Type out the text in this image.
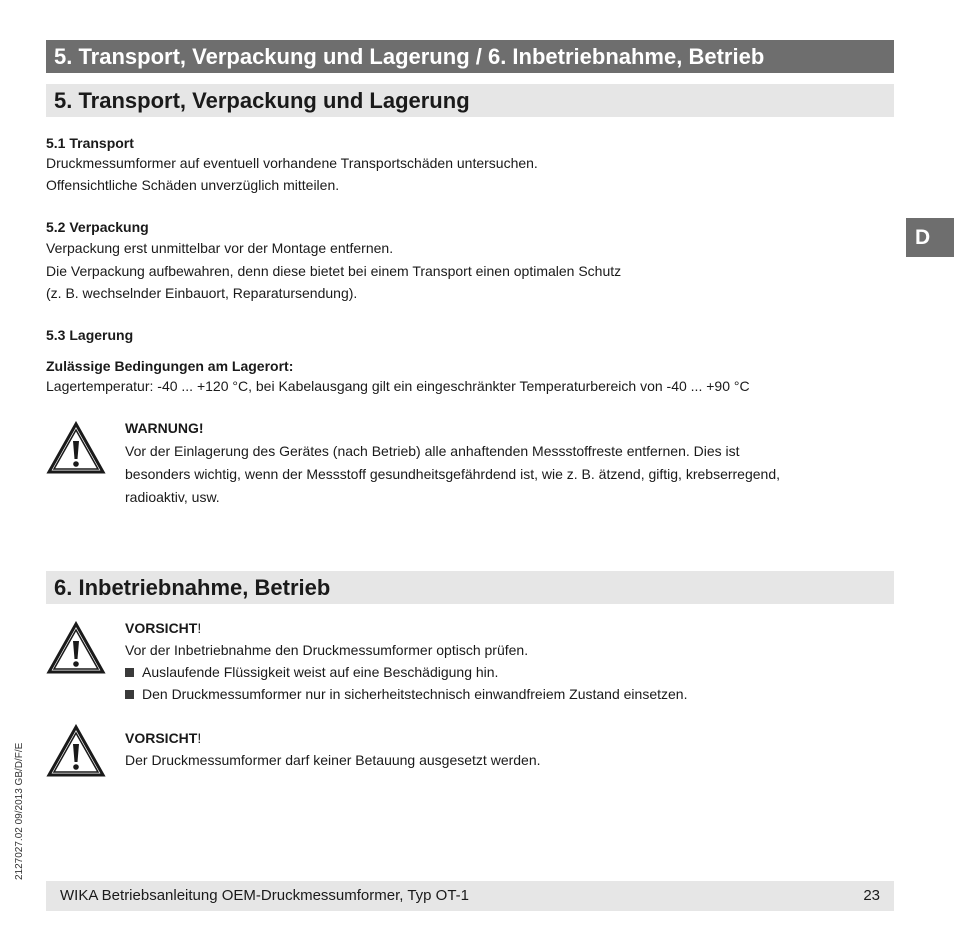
5. Transport, Verpackung und Lagerung / 6. Inbetriebnahme, Betrieb
D
5. Transport, Verpackung und Lagerung
5.1 Transport
Druckmessumformer auf eventuell vorhandene Transportschäden untersuchen.
Offensichtliche Schäden unverzüglich mitteilen.
5.2 Verpackung
Verpackung erst unmittelbar vor der Montage entfernen.
Die Verpackung aufbewahren, denn diese bietet bei einem Transport einen optimalen Schutz
(z. B. wechselnder Einbauort, Reparatursendung).
5.3 Lagerung
Zulässige Bedingungen am Lagerort:
Lagertemperatur: -40 ... +120 °C, bei Kabelausgang gilt ein eingeschränkter Temperaturbereich von -40 ... +90 °C
WARNUNG!
Vor der Einlagerung des Gerätes (nach Betrieb) alle anhaftenden Messstoffreste entfernen. Dies ist
besonders wichtig, wenn der Messstoff gesundheitsgefährdend ist, wie z. B. ätzend, giftig, krebserregend,
radioaktiv, usw.
6. Inbetriebnahme, Betrieb
VORSICHT!
Vor der Inbetriebnahme den Druckmessumformer optisch prüfen.
Auslaufende Flüssigkeit weist auf eine Beschädigung hin.
Den Druckmessumformer nur in sicherheitstechnisch einwandfreiem Zustand einsetzen.
VORSICHT!
Der Druckmessumformer darf keiner Betauung ausgesetzt werden.
2127027.02 09/2013 GB/D/F/E
WIKA Betriebsanleitung OEM-Druckmessumformer, Typ OT-1	23
